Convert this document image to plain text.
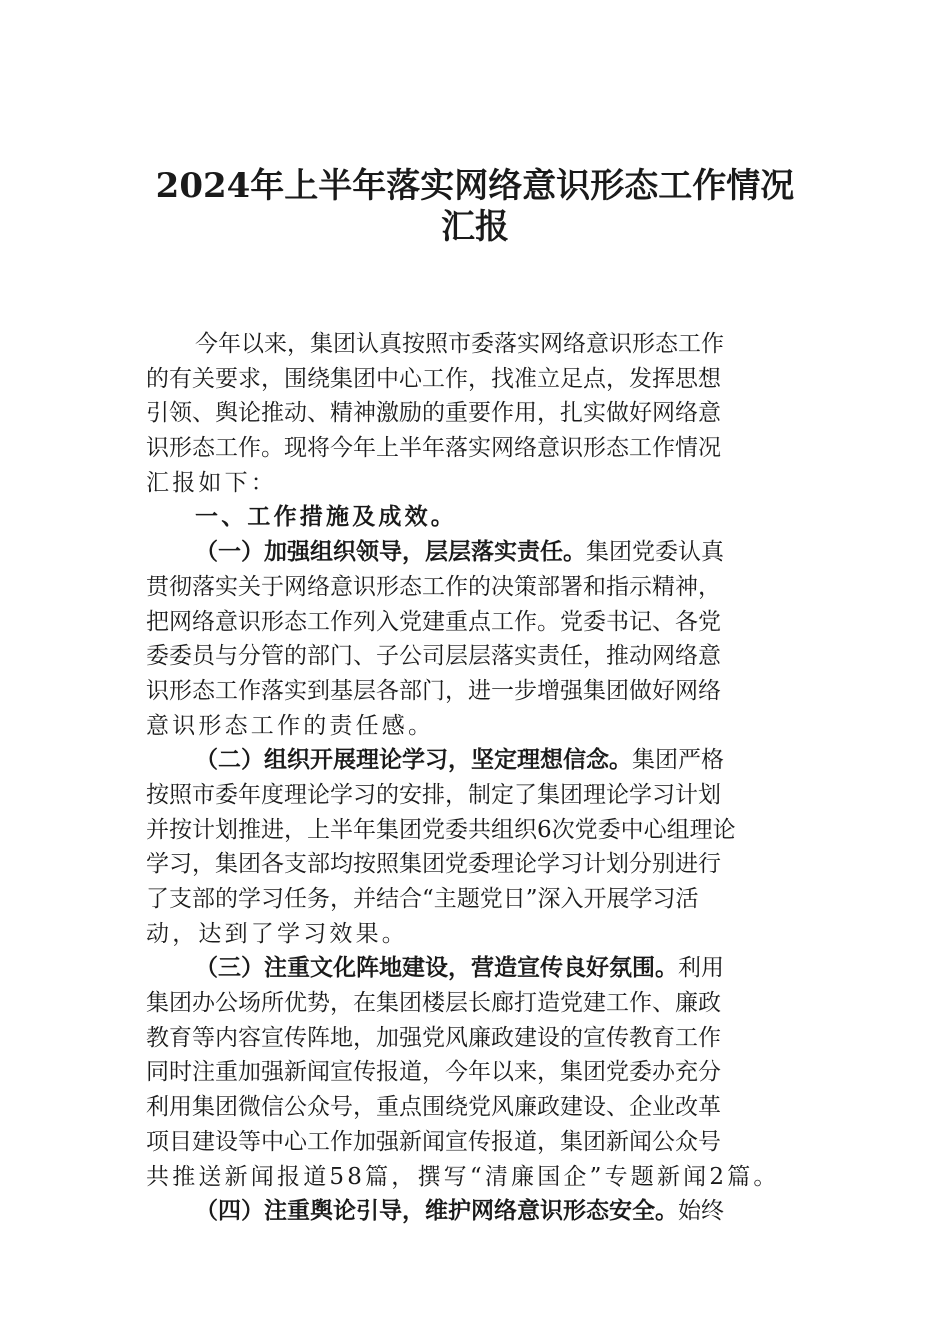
2024年上半年落实网络意识形态工作情况
汇报
今年以来，集团认真按照市委落实网络意识形态工作
的有关要求，围绕集团中心工作，找准立足点，发挥思想
引领、舆论推动、精神激励的重要作用，扎实做好网络意
识形态工作。现将今年上半年落实网络意识形态工作情况
汇报如下：
一、工作措施及成效。
（一）加强组织领导，层层落实责任。集团党委认真
贯彻落实关于网络意识形态工作的决策部署和指示精神，
把网络意识形态工作列入党建重点工作。党委书记、各党
委委员与分管的部门、子公司层层落实责任，推动网络意
识形态工作落实到基层各部门，进一步增强集团做好网络
意识形态工作的责任感。
（二）组织开展理论学习，坚定理想信念。集团严格
按照市委年度理论学习的安排，制定了集团理论学习计划
并按计划推进，上半年集团党委共组织6次党委中心组理论
学习，集团各支部均按照集团党委理论学习计划分别进行
了支部的学习任务，并结合“主题党日”深入开展学习活
动，达到了学习效果。
（三）注重文化阵地建设，营造宣传良好氛围。利用
集团办公场所优势，在集团楼层长廊打造党建工作、廉政
教育等内容宣传阵地，加强党风廉政建设的宣传教育工作
同时注重加强新闻宣传报道，今年以来，集团党委办充分
利用集团微信公众号，重点围绕党风廉政建设、企业改革
项目建设等中心工作加强新闻宣传报道，集团新闻公众号
共推送新闻报道58篇，撰写“清廉国企”专题新闻2篇。
（四）注重舆论引导，维护网络意识形态安全。始终
